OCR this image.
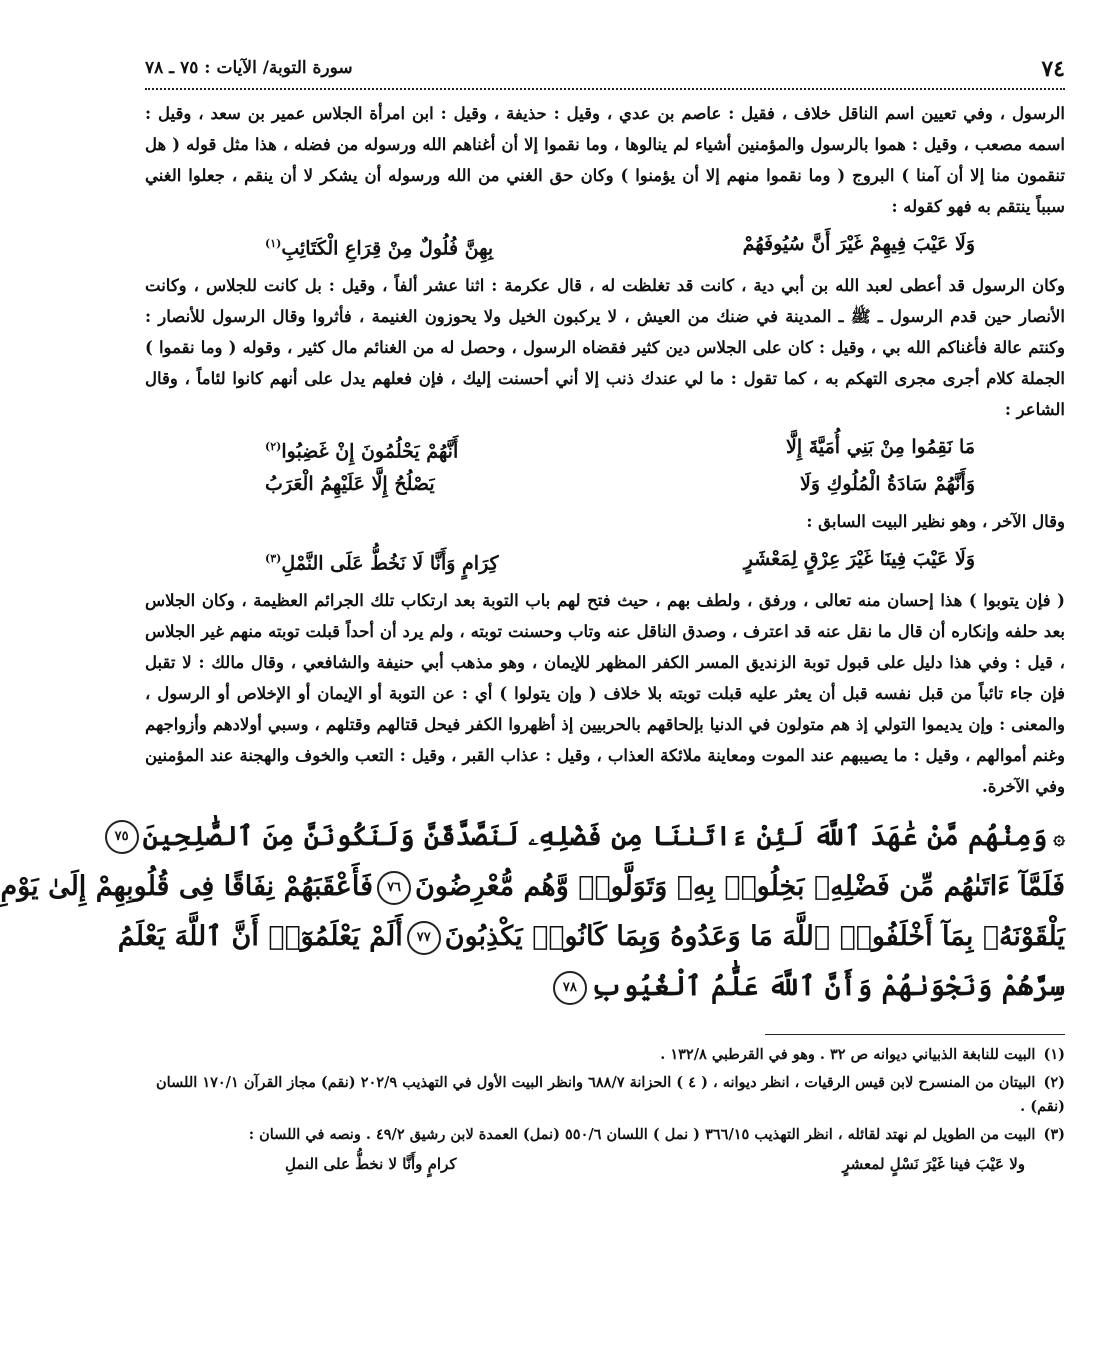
٧٤
سورة التوبة/ الآيات : ٧٥ ـ ٧٨

الرسول ، وفي تعيين اسم الناقل خلاف ، فقيل : عاصم بن عدي ، وقيل : حذيفة ، وقيل : ابن امرأة الجلاس عمير بن سعد ، وقيل : اسمه مصعب ، وقيل : هموا بالرسول والمؤمنين أشياء لم ينالوها ، وما نقموا إلا أن أغناهم الله ورسوله من فضله ، هذا مثل قوله ( هل تنقمون منا إلا أن آمنا ) البروج ( وما نقموا منهم إلا أن يؤمنوا ) وكان حق الغني من الله ورسوله أن يشكر لا أن ينقم ، جعلوا الغني سبباً ينتقم به فهو كقوله :

وَلَا عَيْبَ فِيهِمْ غَيْرَ أَنَّ سُيُوفَهُمْ
بِهِنَّ فُلُولٌ مِنْ قِرَاعِ الْكَتَائِبِ$^{(١)}$

وكان الرسول قد أعطى لعبد الله بن أبي دية ، كانت قد تغلظت له ، قال عكرمة : اثنا عشر ألفاً ، وقيل : بل كانت للجلاس ، وكانت الأنصار حين قدم الرسول ـ ﷺ ـ المدينة في ضنك من العيش ، لا يركبون الخيل ولا يحوزون الغنيمة ، فأثروا وقال الرسول للأنصار : وكنتم عالة فأغناكم الله بي ، وقيل : كان على الجلاس دين كثير فقضاه الرسول ، وحصل له من الغنائم مال كثير ، وقوله ( وما نقموا ) الجملة كلام أجرى مجرى التهكم به ، كما تقول : ما لي عندك ذنب إلا أني أحسنت إليك ، فإن فعلهم يدل على أنهم كانوا لئاماً ، وقال الشاعر :

مَا نَقِمُوا مِنْ بَنِي أُمَيَّةَ إِلَّا
أَنَّهُمْ يَحْلُمُونَ إِنْ غَضِبُوا$^{(٢)}$
وَأَنَّهُمْ سَادَةُ الْمُلُوكِ وَلَا
يَصْلُحُ إِلَّا عَلَيْهِمُ الْعَرَبُ

وقال الآخر ، وهو نظير البيت السابق :

وَلَا عَيْبَ فِينَا غَيْرَ عِرْقٍ لِمَعْشَرٍ
كِرَامٍ وَأَنَّا لَا نَخُطُّ عَلَى النَّمْلِ$^{(٣)}$

( فإن يتوبوا ) هذا إحسان منه تعالى ، ورفق ، ولطف بهم ، حيث فتح لهم باب التوبة بعد ارتكاب تلك الجرائم العظيمة ، وكان الجلاس بعد حلفه وإنكاره أن قال ما نقل عنه قد اعترف ، وصدق الناقل عنه وتاب وحسنت توبته ، ولم يرد أن أحداً قبلت توبته منهم غير الجلاس ، قيل : وفي هذا دليل على قبول توبة الزنديق المسر الكفر المظهر للإيمان ، وهو مذهب أبي حنيفة والشافعي ، وقال مالك : لا تقبل فإن جاء تائباً من قبل نفسه قبل أن يعثر عليه قبلت توبته بلا خلاف ( وإن يتولوا ) أي : عن التوبة أو الإيمان أو الإخلاص أو الرسول ، والمعنى : وإن يديموا التولي إذ هم متولون في الدنيا بإلحاقهم بالحربيين إذ أظهروا الكفر فيحل قتالهم وقتلهم ، وسبي أولادهم وأزواجهم وغنم أموالهم ، وقيل : ما يصيبهم عند الموت ومعاينة ملائكة العذاب ، وقيل : عذاب القبر ، وقيل : التعب والخوف والهجنة عند المؤمنين وفي الآخرة.

۞وَمِنْهُم مَّنْ عَٰهَدَ ٱللَّهَ لَئِنْ ءَاتَىٰنَا مِن فَضْلِهِۦ لَنَصَّدَّقَنَّ وَلَنَكُونَنَّ مِنَ ٱلصَّٰلِحِينَ٧٥
فَلَمَّآ ءَاتَىٰهُم مِّن فَضْلِهِۦ بَخِلُوا۟ بِهِۦ وَتَوَلَّوا۟ وَّهُم مُّعْرِضُونَ٧٦فَأَعْقَبَهُمْ نِفَاقًا فِى قُلُوبِهِمْ إِلَىٰ يَوْمِ
يَلْقَوْنَهُۥ بِمَآ أَخْلَفُوا۟ ٱللَّهَ مَا وَعَدُوهُ وَبِمَا كَانُوا۟ يَكْذِبُونَ٧٧أَلَمْ يَعْلَمُوٓا۟ أَنَّ ٱللَّهَ يَعْلَمُ
سِرَّهُمْ وَنَجْوَىٰهُمْ وَأَنَّ ٱللَّهَ عَلَّٰمُ ٱلْغُيُوبِ٧٨

(١)البيت للنابغة الذبياني ديوانه ص ٣٢ . وهو في القرطبي ١٣٢/٨ .

(٢)البيتان من المنسرح لابن قيس الرقيات ، انظر ديوانه ، ( ٤ ) الحزانة ٦٨٨/٧ وانظر البيت الأول في التهذيب ٢٠٢/٩ (نقم) مجاز القرآن ١٧٠/١ اللسان (نقم) .

(٣)البيت من الطويل لم نهتد لقائله ، انظر التهذيب ٣٦٦/١٥ ( نمل ) اللسان ٥٥٠/٦ (نمل) العمدة لابن رشيق ٤٩/٢ . ونصه في اللسان :

ولا عَيْبَ فينا غَيْرَ نَسْلٍ لمعشرٍ
كرامٍ وأَنَّا لا نخطُّ على النملِ
